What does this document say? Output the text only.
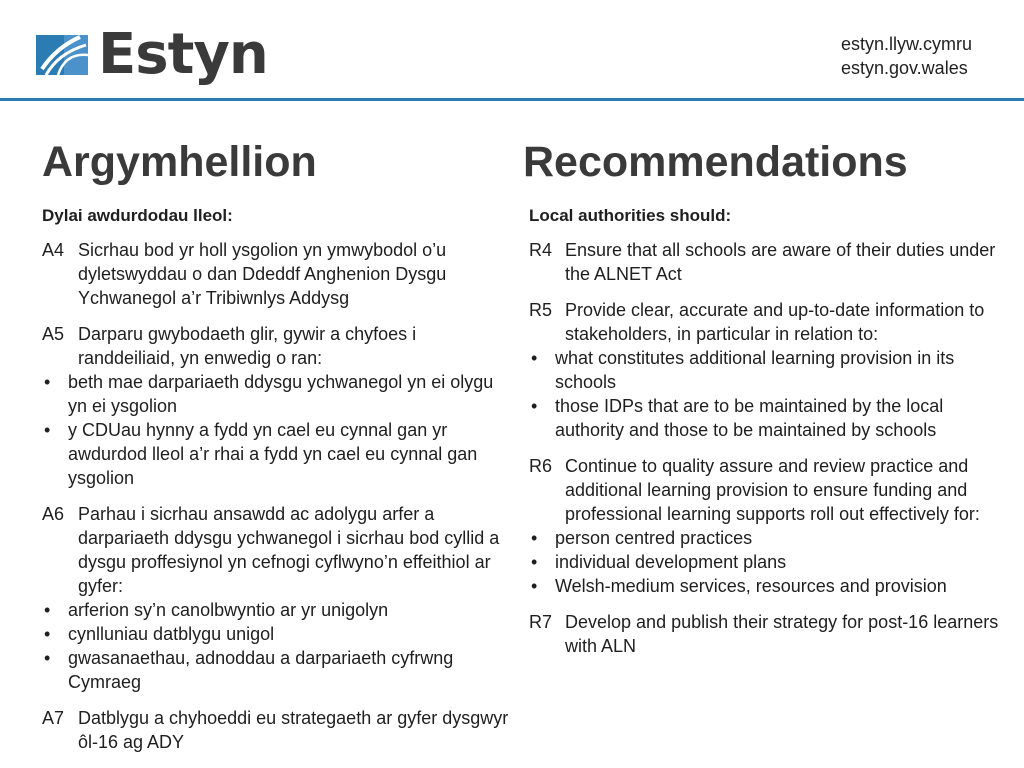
Estyn	estyn.llyw.cymru
estyn.gov.wales
Argymhellion	Recommendations
Dylai awdurdodau lleol:
A4 Sicrhau bod yr holl ysgolion yn ymwybodol o’u dyletswyddau o dan Ddeddf Anghenion Dysgu Ychwanegol a’r Tribiwnlys Addysg
A5 Darparu gwybodaeth glir, gywir a chyfoes i randdeiliaid, yn enwedig o ran:
•
beth mae darpariaeth ddysgu ychwanegol yn ei olygu yn ei ysgolion
•
y CDUau hynny a fydd yn cael eu cynnal gan yr awdurdod lleol a’r rhai a fydd yn cael eu cynnal gan ysgolion
A6 Parhau i sicrhau ansawdd ac adolygu arfer a darpariaeth ddysgu ychwanegol i sicrhau bod cyllid a dysgu proffesiynol yn cefnogi cyflwyno’n effeithiol ar gyfer:
•
arferion sy’n canolbwyntio ar yr unigolyn
•
cynlluniau datblygu unigol
•
gwasanaethau, adnoddau a darpariaeth cyfrwng Cymraeg
A7 Datblygu a chyhoeddi eu strategaeth ar gyfer dysgwyr ôl-16 ag ADY
Local authorities should:
R4 Ensure that all schools are aware of their duties under the ALNET Act
R5 Provide clear, accurate and up-to-date information to stakeholders, in particular in relation to:
•
what constitutes additional learning provision in its schools
•
those IDPs that are to be maintained by the local authority and those to be maintained by schools
R6 Continue to quality assure and review practice and additional learning provision to ensure funding and professional learning supports roll out effectively for:
•
person centred practices
•
individual development plans
•
Welsh-medium services, resources and provision
R7 Develop and publish their strategy for post-16 learners with ALN
